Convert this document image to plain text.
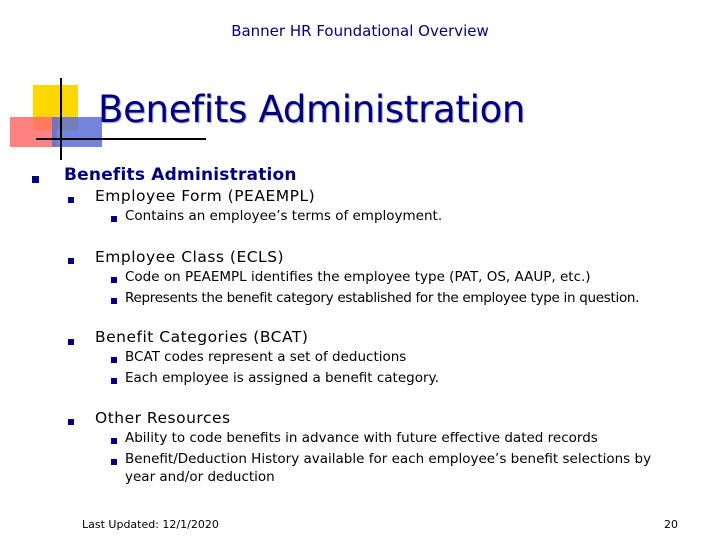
Banner HR Foundational Overview
Benefits Administration
Benefits Administration
Employee Form (PEAEMPL)
Contains an employee’s terms of employment.
Employee Class (ECLS)
Code on PEAEMPL identifies the employee type (PAT, OS, AAUP, etc.)
Represents the benefit category established for the employee type in question.
Benefit Categories (BCAT)
BCAT codes represent a set of deductions
Each employee is assigned a benefit category.
Other Resources
Ability to code benefits in advance with future effective dated records
Benefit/Deduction History available for each employee’s benefit selections by
year and/or deduction
Last Updated: 12/1/2020	20
